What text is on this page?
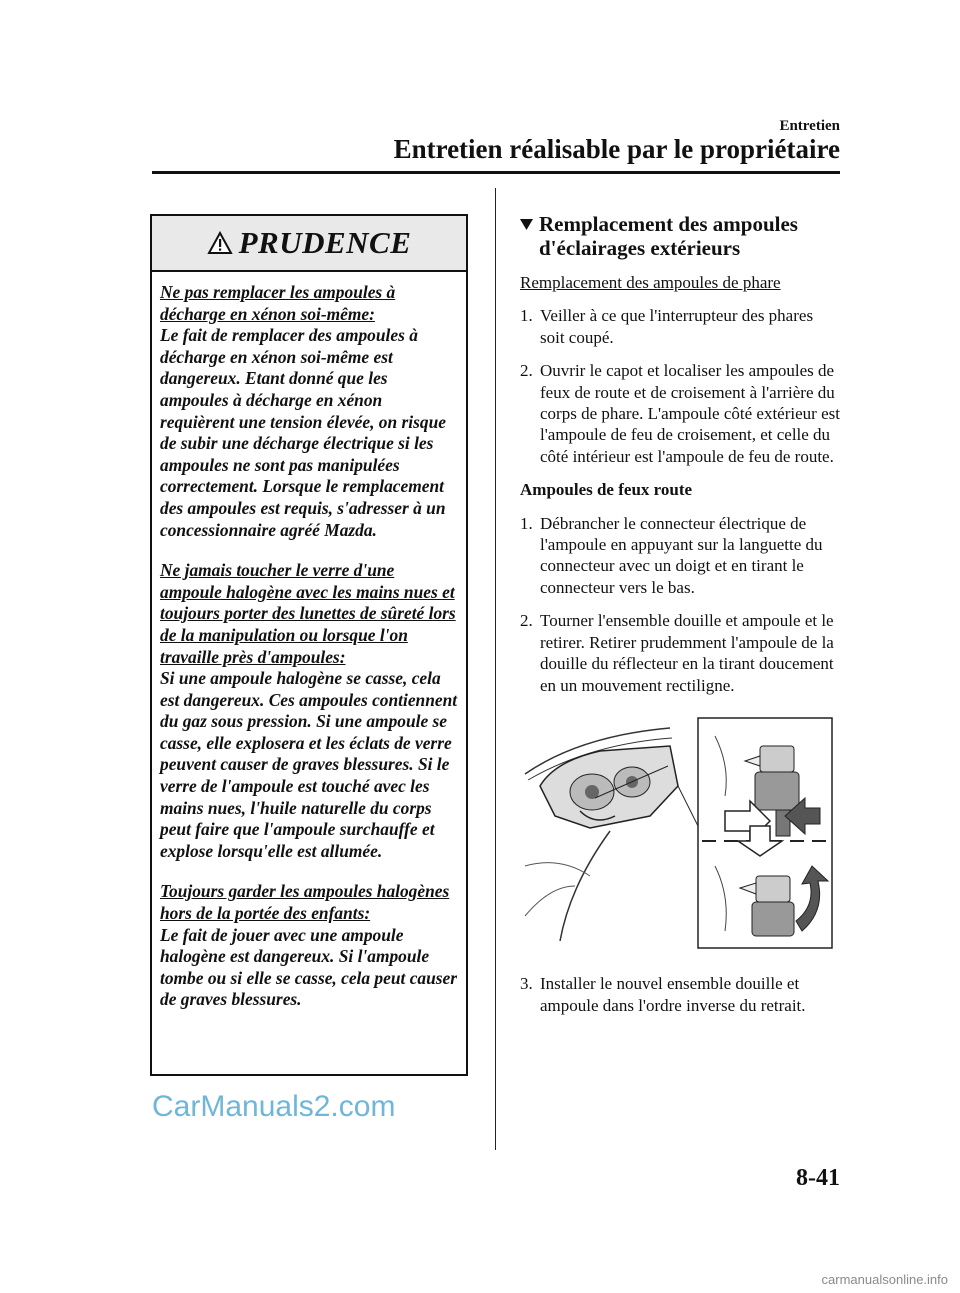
Entretien
Entretien réalisable par le propriétaire
PRUDENCE

Ne pas remplacer les ampoules à décharge en xénon soi-même:
Le fait de remplacer des ampoules à décharge en xénon soi-même est dangereux. Etant donné que les ampoules à décharge en xénon requièrent une tension élevée, on risque de subir une décharge électrique si les ampoules ne sont pas manipulées correctement. Lorsque le remplacement des ampoules est requis, s'adresser à un concessionnaire agréé Mazda.

Ne jamais toucher le verre d'une ampoule halogène avec les mains nues et toujours porter des lunettes de sûreté lors de la manipulation ou lorsque l'on travaille près d'ampoules:
Si une ampoule halogène se casse, cela est dangereux. Ces ampoules contiennent du gaz sous pression. Si une ampoule se casse, elle explosera et les éclats de verre peuvent causer de graves blessures. Si le verre de l'ampoule est touché avec les mains nues, l'huile naturelle du corps peut faire que l'ampoule surchauffe et explose lorsqu'elle est allumée.

Toujours garder les ampoules halogènes hors de la portée des enfants:
Le fait de jouer avec une ampoule halogène est dangereux. Si l'ampoule tombe ou si elle se casse, cela peut causer de graves blessures.

Remplacement des ampoules d'éclairages extérieurs
Remplacement des ampoules de phare
1. Veiller à ce que l'interrupteur des phares soit coupé.
2. Ouvrir le capot et localiser les ampoules de feux de route et de croisement à l'arrière du corps de phare. L'ampoule côté extérieur est l'ampoule de feu de croisement, et celle du côté intérieur est l'ampoule de feu de route.
Ampoules de feux route
1. Débrancher le connecteur électrique de l'ampoule en appuyant sur la languette du connecteur avec un doigt et en tirant le connecteur vers le bas.
2. Tourner l'ensemble douille et ampoule et le retirer. Retirer prudemment l'ampoule de la douille du réflecteur en la tirant doucement en un mouvement rectiligne.
3. Installer le nouvel ensemble douille et ampoule dans l'ordre inverse du retrait.
CarManuals2.com
8-41
carmanualsonline.info
